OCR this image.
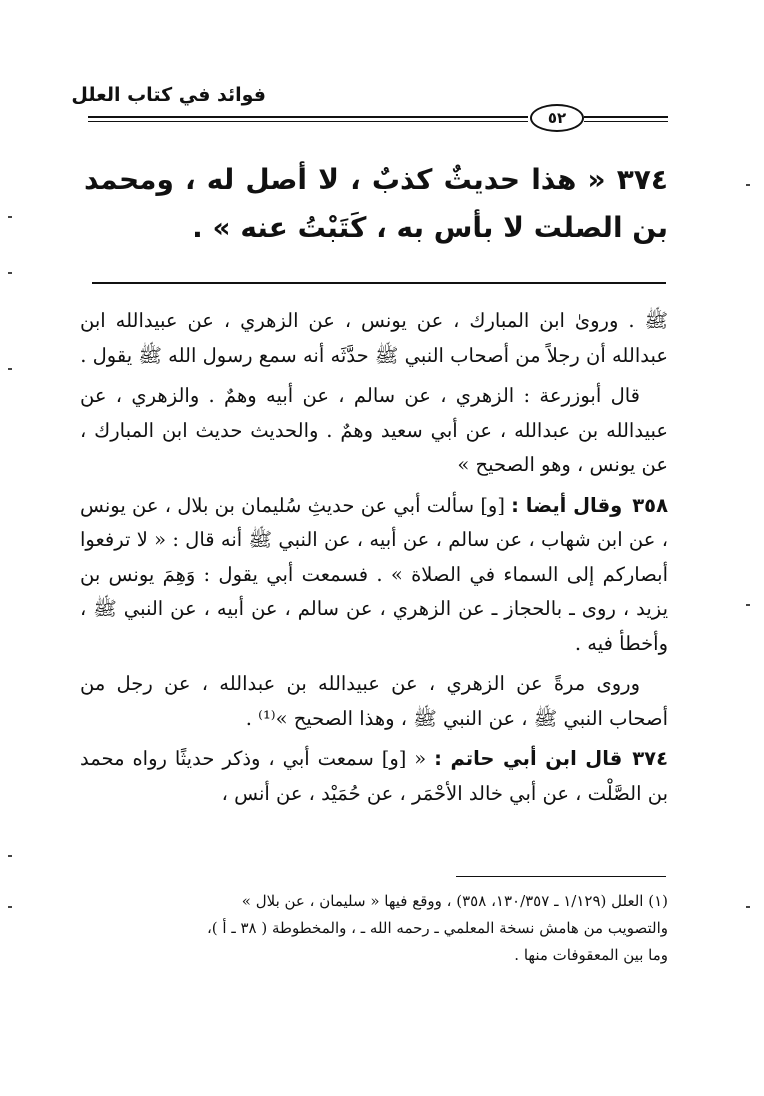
فوائد في كتاب العلل
٥٢
٣٧٤ « هذا حديثٌ كذبٌ ، لا أصل له ، ومحمد بن الصلت لا بأس به ، كَتَبْتُ عنه » .

ﷺ . ورویٰ ابن المبارك ، عن يونس ، عن الزهري ، عن عبيدالله ابن عبدالله أن رجلاً من أصحاب النبي ﷺ حدَّثَه أنه سمع رسول الله ﷺ يقول .

قال أبوزرعة : الزهري ، عن سالم ، عن أبيه وهمٌ . والزهري ، عن عبيدالله بن عبدالله ، عن أبي سعيد وهمٌ . والحديث حديث ابن المبارك ، عن يونس ، وهو الصحيح »

٣٥٨وقال أيضا : [و] سألت أبي عن حديثِ سُليمان بن بلال ، عن يونس ، عن ابن شهاب ، عن سالم ، عن أبيه ، عن النبي ﷺ أنه قال : « لا ترفعوا أبصاركم إلى السماء في الصلاة » . فسمعت أبي يقول : وَهِمَ يونس بن يزيد ، روى ـ بالحجاز ـ عن الزهري ، عن سالم ، عن أبيه ، عن النبي ﷺ ، وأخطأ فيه .

وروى مرةً عن الزهري ، عن عبيدالله بن عبدالله ، عن رجل من أصحاب النبي ﷺ ، عن النبي ﷺ ، وهذا الصحيح »⁽¹⁾ .

٣٧٤قال ابن أبي حاتم : « [و] سمعت أبي ، وذكر حديثًا رواه محمد بن الصَّلْت ، عن أبي خالد الأحْمَر ، عن حُمَيْد ، عن أنس ،

(١) العلل (١/١٢٩ ـ ١٣٠/٣٥٧، ٣٥٨) ، ووقع فيها « سليمان ، عن بلال »

والتصويب من هامش نسخة المعلمي ـ رحمه الله ـ ، والمخطوطة ( ٣٨ ـ أ )،

وما بين المعقوفات منها .
